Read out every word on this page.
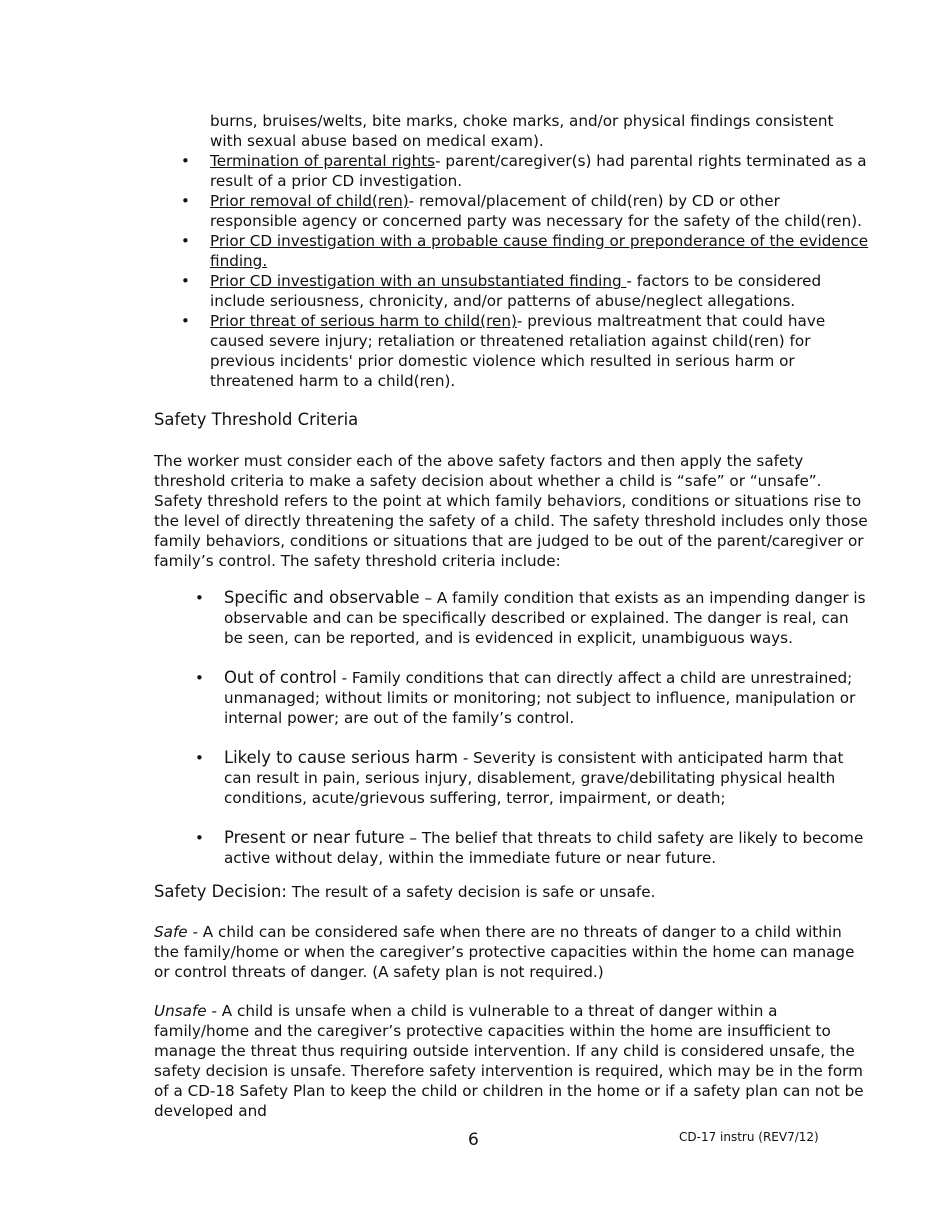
burns, bruises/welts, bite marks, choke marks, and/or physical findings consistent with sexual abuse based on medical exam).
• Termination of parental rights- parent/caregiver(s) had parental rights terminated as a result of a prior CD investigation.
• Prior removal of child(ren)- removal/placement of child(ren) by CD or other responsible agency or concerned party was necessary for the safety of the child(ren).
• Prior CD investigation with a probable cause finding or preponderance of the evidence finding.
• Prior CD investigation with an unsubstantiated finding - factors to be considered include seriousness, chronicity, and/or patterns of abuse/neglect allegations.
• Prior threat of serious harm to child(ren)- previous maltreatment that could have caused severe injury; retaliation or threatened retaliation against child(ren) for previous incidents' prior domestic violence which resulted in serious harm or threatened harm to a child(ren).
Safety Threshold Criteria

The worker must consider each of the above safety factors and then apply the safety threshold criteria to make a safety decision about whether a child is “safe” or “unsafe”. Safety threshold refers to the point at which family behaviors, conditions or situations rise to the level of directly threatening the safety of a child. The safety threshold includes only those family behaviors, conditions or situations that are judged to be out of the parent/caregiver or family’s control. The safety threshold criteria include:

• Specific and observable – A family condition that exists as an impending danger is observable and can be specifically described or explained. The danger is real, can be seen, can be reported, and is evidenced in explicit, unambiguous ways.
• Out of control - Family conditions that can directly affect a child are unrestrained; unmanaged; without limits or monitoring; not subject to influence, manipulation or internal power; are out of the family’s control.
• Likely to cause serious harm - Severity is consistent with anticipated harm that can result in pain, serious injury, disablement, grave/debilitating physical health conditions, acute/grievous suffering, terror, impairment, or death;
• Present or near future – The belief that threats to child safety are likely to become active without delay, within the immediate future or near future.

Safety Decision: The result of a safety decision is safe or unsafe.

Safe - A child can be considered safe when there are no threats of danger to a child within the family/home or when the caregiver’s protective capacities within the home can manage or control threats of danger. (A safety plan is not required.)

Unsafe - A child is unsafe when a child is vulnerable to a threat of danger within a family/home and the caregiver’s protective capacities within the home are insufficient to manage the threat thus requiring outside intervention. If any child is considered unsafe, the safety decision is unsafe. Therefore safety intervention is required, which may be in the form of a CD-18 Safety Plan to keep the child or children in the home or if a safety plan can not be developed and

6	CD-17 instru (REV7/12)
